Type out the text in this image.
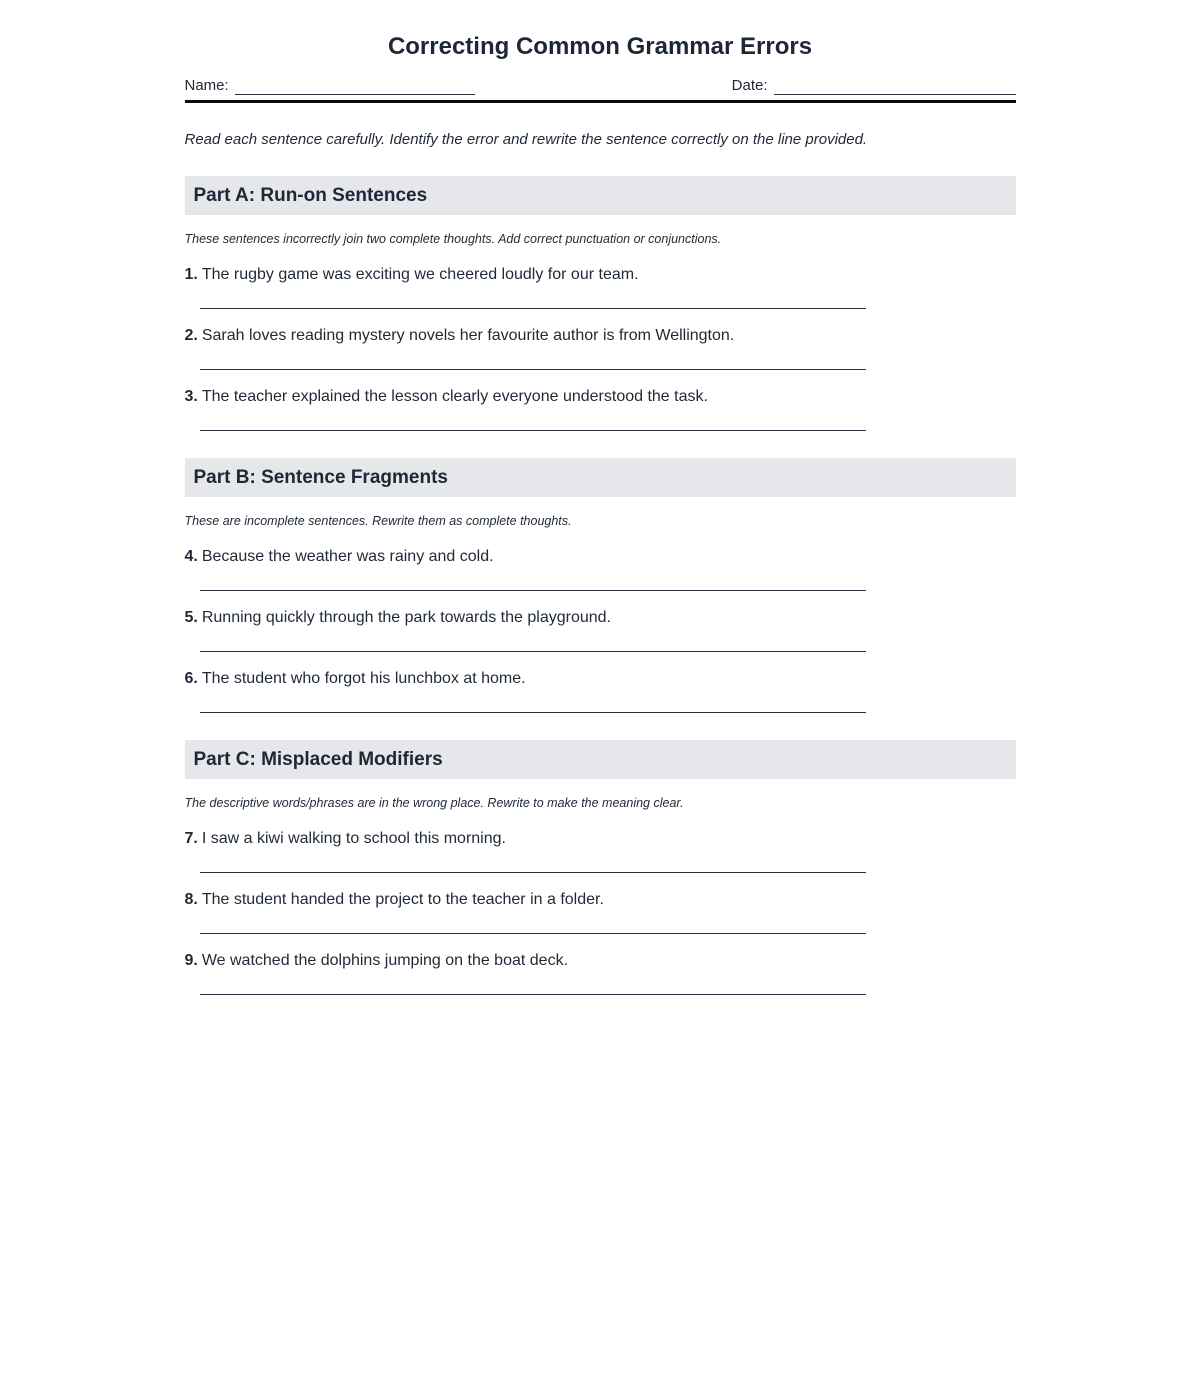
Correcting Common Grammar Errors
Name:	Date:

Read each sentence carefully. Identify the error and rewrite the sentence correctly on the line provided.

Part A: Run-on Sentences

These sentences incorrectly join two complete thoughts. Add correct punctuation or conjunctions.

1. The rugby game was exciting we cheered loudly for our team.

2. Sarah loves reading mystery novels her favourite author is from Wellington.

3. The teacher explained the lesson clearly everyone understood the task.

Part B: Sentence Fragments

These are incomplete sentences. Rewrite them as complete thoughts.

4. Because the weather was rainy and cold.

5. Running quickly through the park towards the playground.

6. The student who forgot his lunchbox at home.

Part C: Misplaced Modifiers

The descriptive words/phrases are in the wrong place. Rewrite to make the meaning clear.

7. I saw a kiwi walking to school this morning.

8. The student handed the project to the teacher in a folder.

9. We watched the dolphins jumping on the boat deck.
